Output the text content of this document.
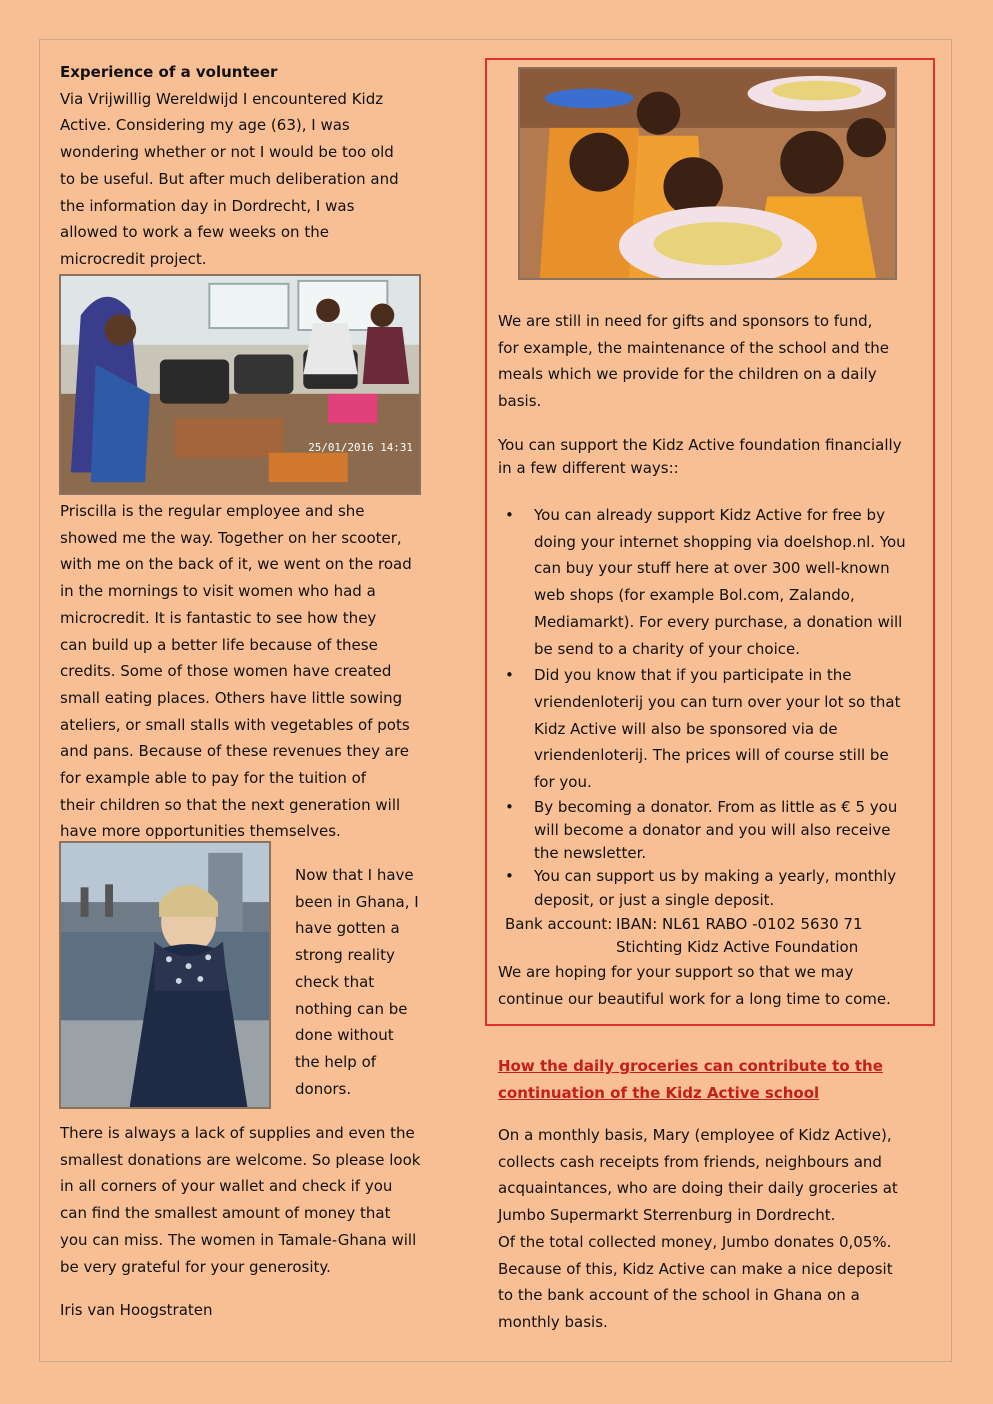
Experience of a volunteer
Via Vrijwillig Wereldwijd I encountered Kidz
Active. Considering my age (63), I was
wondering whether or not I would be too old
to be useful. But after much deliberation and
the information day in Dordrecht, I was
allowed to work a few weeks on the
microcredit project.
25/01/2016 14:31
Priscilla is the regular employee and she
showed me the way. Together on her scooter,
with me on the back of it, we went on the road
in the mornings to visit women who had a
microcredit. It is fantastic to see how they
can build up a better life because of these
credits. Some of those women have created
small eating places. Others have little sowing
ateliers, or small stalls with vegetables of pots
and pans. Because of these revenues they are
for example able to pay for the tuition of
their children so that the next generation will
have more opportunities themselves.
Now that I have
been in Ghana, I
have gotten a
strong reality
check that
nothing can be
done without
the help of
donors.
There is always a lack of supplies and even the
smallest donations are welcome. So please look
in all corners of your wallet and check if you
can find the smallest amount of money that
you can miss. The women in Tamale-Ghana will
be very grateful for your generosity.
Iris van Hoogstraten
We are still in need for gifts and sponsors to fund,
for example, the maintenance of the school and the
meals which we provide for the children on a daily
basis.
You can support the Kidz Active foundation financially
in a few different ways::
• You can already support Kidz Active for free by
doing your internet shopping via doelshop.nl. You
can buy your stuff here at over 300 well-known
web shops (for example Bol.com, Zalando,
Mediamarkt). For every purchase, a donation will
be send to a charity of your choice.
• Did you know that if you participate in the
vriendenloterij you can turn over your lot so that
Kidz Active will also be sponsored via de
vriendenloterij. The prices will of course still be
for you.
• By becoming a donator. From as little as € 5 you
will become a donator and you will also receive
the newsletter.
• You can support us by making a yearly, monthly
deposit, or just a single deposit.
Bank account: IBAN: NL61 RABO -0102 5630 71
Stichting Kidz Active Foundation
We are hoping for your support so that we may
continue our beautiful work for a long time to come.
How the daily groceries can contribute to the
continuation of the Kidz Active school
On a monthly basis, Mary (employee of Kidz Active),
collects cash receipts from friends, neighbours and
acquaintances, who are doing their daily groceries at
Jumbo Supermarkt Sterrenburg in Dordrecht.
Of the total collected money, Jumbo donates 0,05%.
Because of this, Kidz Active can make a nice deposit
to the bank account of the school in Ghana on a
monthly basis.
